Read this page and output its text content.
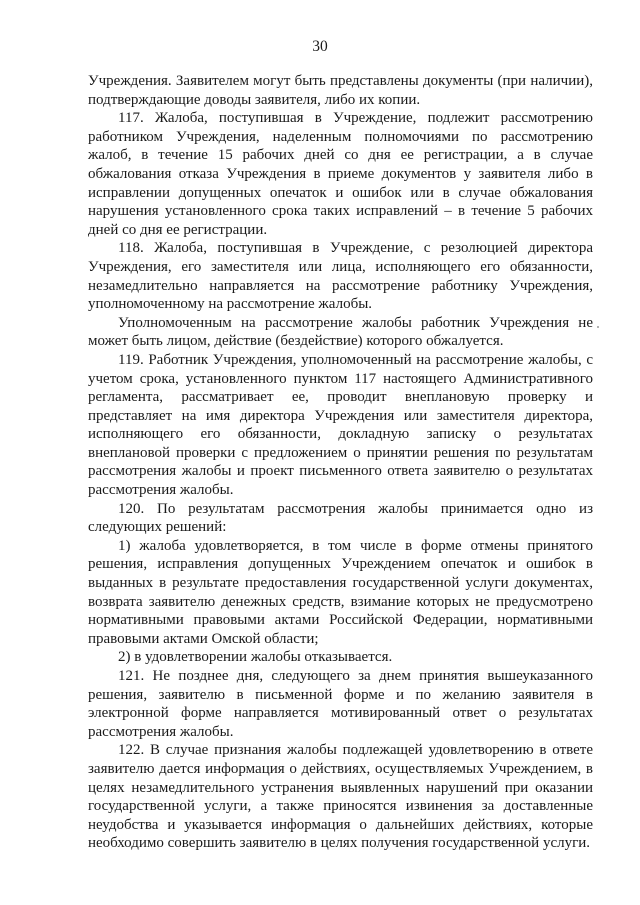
30

Учреждения. Заявителем могут быть представлены документы (при наличии), подтверждающие доводы заявителя, либо их копии.

117. Жалоба, поступившая в Учреждение, подлежит рассмотрению работником Учреждения, наделенным полномочиями по рассмотрению жалоб, в течение 15 рабочих дней со дня ее регистрации, а в случае обжалования отказа Учреждения в приеме документов у заявителя либо в исправлении допущенных опечаток и ошибок или в случае обжалования нарушения установленного срока таких исправлений – в течение 5 рабочих дней со дня ее регистрации.

118. Жалоба, поступившая в Учреждение, с резолюцией директора Учреждения, его заместителя или лица, исполняющего его обязанности, незамедлительно направляется на рассмотрение работнику Учреждения, уполномоченному на рассмотрение жалобы.

Уполномоченным на рассмотрение жалобы работник Учреждения не может быть лицом, действие (бездействие) которого обжалуется.

119. Работник Учреждения, уполномоченный на рассмотрение жалобы, с учетом срока, установленного пунктом 117 настоящего Административного регламента, рассматривает ее, проводит внеплановую проверку и представляет на имя директора Учреждения или заместителя директора, исполняющего его обязанности, докладную записку о результатах внеплановой проверки с предложением о принятии решения по результатам рассмотрения жалобы и проект письменного ответа заявителю о результатах рассмотрения жалобы.

120. По результатам рассмотрения жалобы принимается одно из следующих решений:

1) жалоба удовлетворяется, в том числе в форме отмены принятого решения, исправления допущенных Учреждением опечаток и ошибок в выданных в результате предоставления государственной услуги документах, возврата заявителю денежных средств, взимание которых не предусмотрено нормативными правовыми актами Российской Федерации, нормативными правовыми актами Омской области;

2) в удовлетворении жалобы отказывается.

121. Не позднее дня, следующего за днем принятия вышеуказанного решения, заявителю в письменной форме и по желанию заявителя в электронной форме направляется мотивированный ответ о результатах рассмотрения жалобы.

122. В случае признания жалобы подлежащей удовлетворению в ответе заявителю дается информация о действиях, осуществляемых Учреждением, в целях незамедлительного устранения выявленных нарушений при оказании государственной услуги, а также приносятся извинения за доставленные неудобства и указывается информация о дальнейших действиях, которые необходимо совершить заявителю в целях получения государственной услуги.
